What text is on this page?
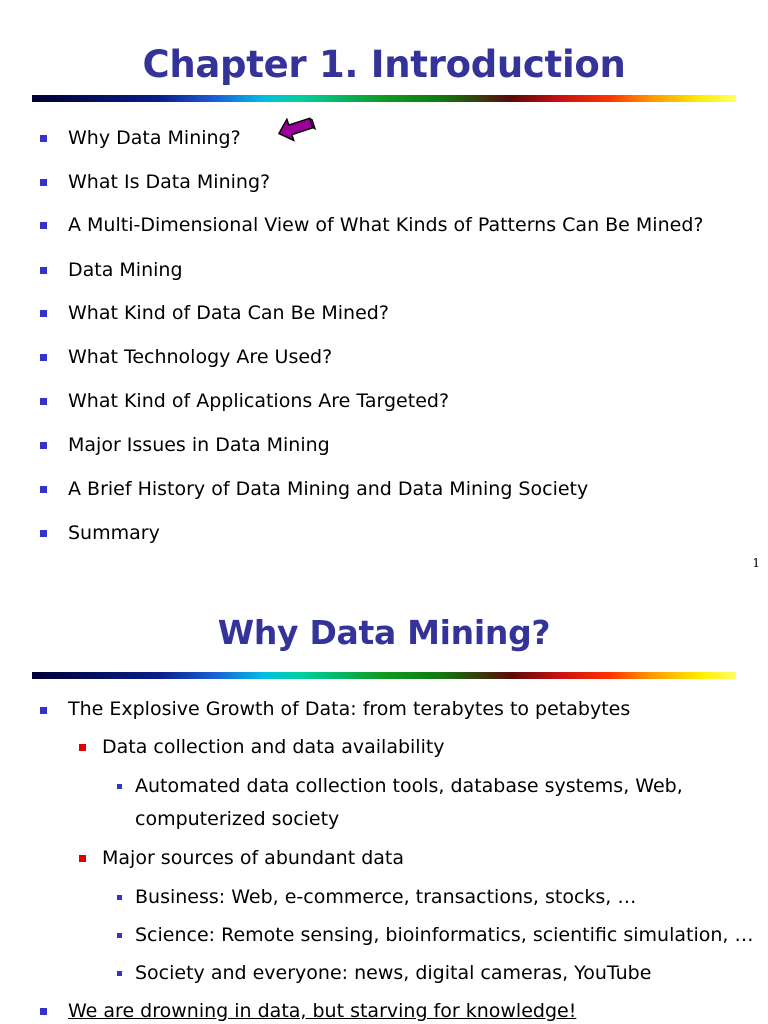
Chapter 1. Introduction
Why Data Mining?
What Is Data Mining?
A Multi-Dimensional View of What Kinds of Patterns Can Be Mined?
Data Mining
What Kind of Data Can Be Mined?
What Technology Are Used?
What Kind of Applications Are Targeted?
Major Issues in Data Mining
A Brief History of Data Mining and Data Mining Society
Summary
1
Why Data Mining?
The Explosive Growth of Data: from terabytes to petabytes
Data collection and data availability
Automated data collection tools, database systems, Web,
computerized society
Major sources of abundant data
Business: Web, e-commerce, transactions, stocks, …
Science: Remote sensing, bioinformatics, scientific simulation, …
Society and everyone: news, digital cameras, YouTube
We are drowning in data, but starving for knowledge!
